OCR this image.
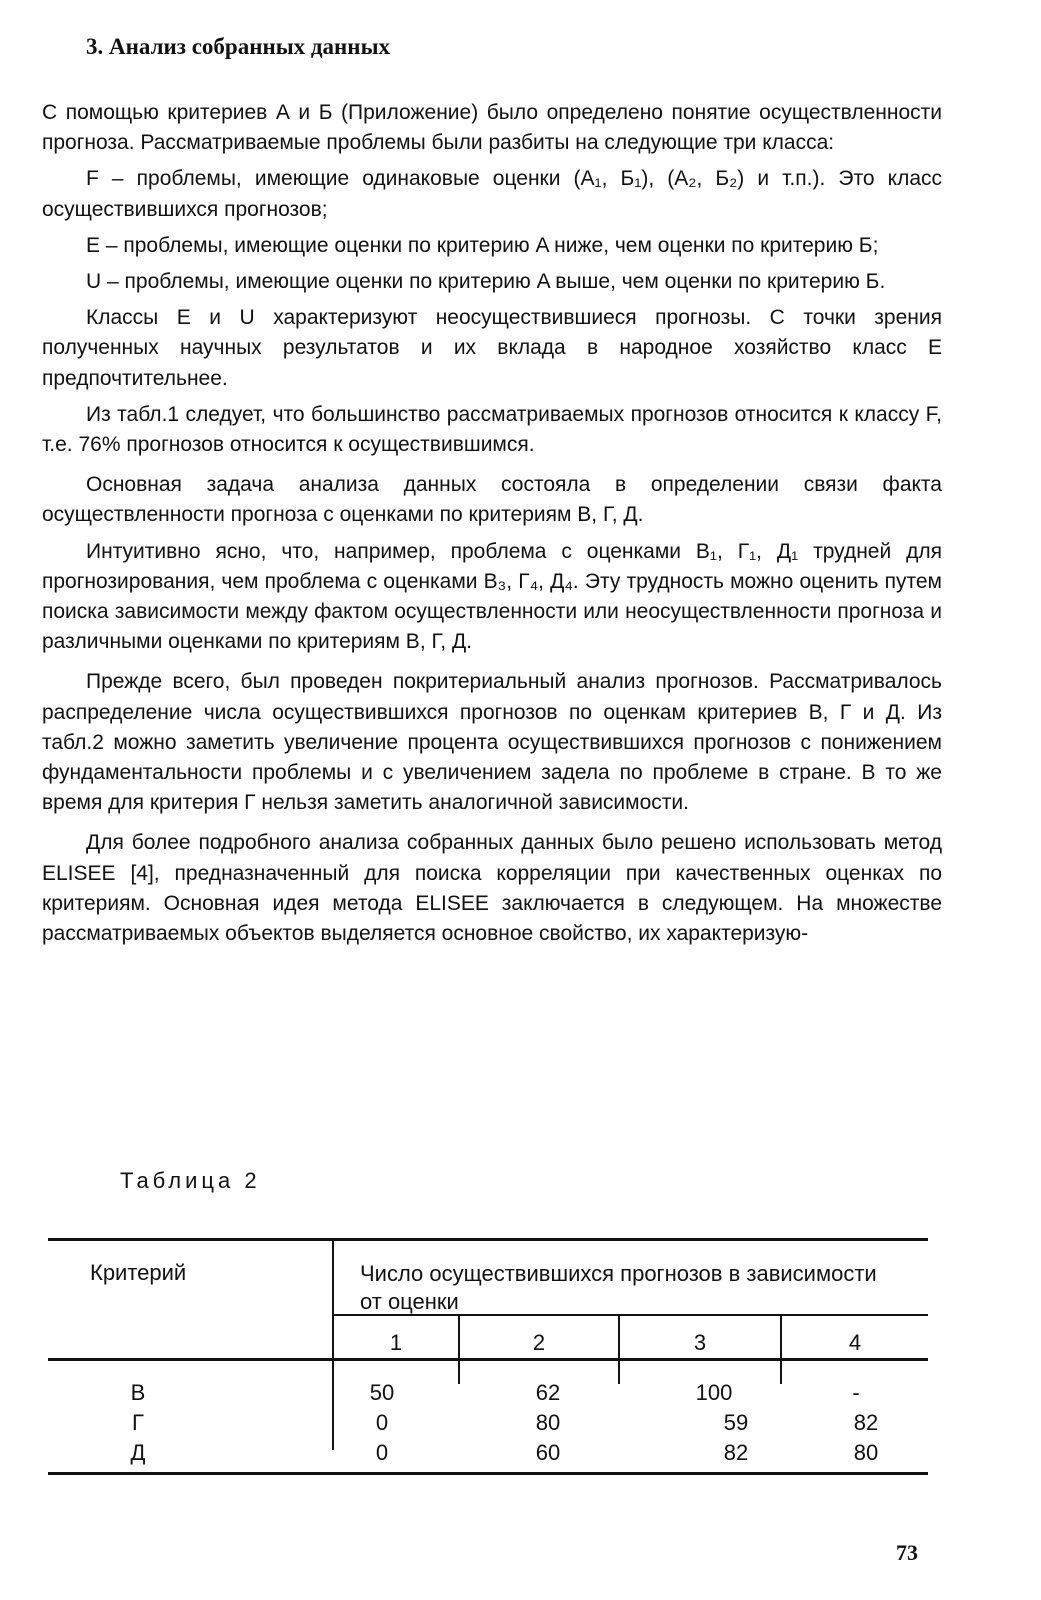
3. Анализ собранных данных

С помощью критериев А и Б (Приложение) было определено понятие осуществленности прогноза. Рассматриваемые проблемы были разбиты на следующие три класса:

F – проблемы, имеющие одинаковые оценки (A₁, Б₁), (A₂, Б₂) и т.п.). Это класс осуществившихся прогнозов;

E – проблемы, имеющие оценки по критерию A ниже, чем оценки по критерию Б;

U – проблемы, имеющие оценки по критерию A выше, чем оценки по критерию Б.

Классы E и U характеризуют неосуществившиеся прогнозы. С точки зрения полученных научных результатов и их вклада в народное хозяйство класс E предпочтительнее.

Из табл.1 следует, что большинство рассматриваемых прогнозов относится к классу F, т.е. 76% прогнозов относится к осуществившимся.

Основная задача анализа данных состояла в определении связи факта осуществленности прогноза с оценками по критериям В, Г, Д.

Интуитивно ясно, что, например, проблема с оценками В₁, Г₁, Д₁ трудней для прогнозирования, чем проблема с оценками В₃, Г₄, Д₄. Эту трудность можно оценить путем поиска зависимости между фактом осуществленности или неосуществленности прогноза и различными оценками по критериям В, Г, Д.

Прежде всего, был проведен покритериальный анализ прогнозов. Рассматривалось распределение числа осуществившихся прогнозов по оценкам критериев В, Г и Д. Из табл.2 можно заметить увеличение процента осуществившихся прогнозов с понижением фундаментальности проблемы и с увеличением задела по проблеме в стране. В то же время для критерия Г нельзя заметить аналогичной зависимости.

Для более подробного анализа собранных данных было решено использовать метод ELISEE [4], предназначенный для поиска корреляции при качественных оценках по критериям. Основная идея метода ELISEE заключается в следующем. На множестве рассматриваемых объектов выделяется основное свойство, их характеризую-

Таблица 2
Критерий	Число осуществившихся прогнозов в зависимости от оценки
1	2	3	4
В	50	62	100	-
Г	0	80	59	82
Д	0	60	82	80
73
